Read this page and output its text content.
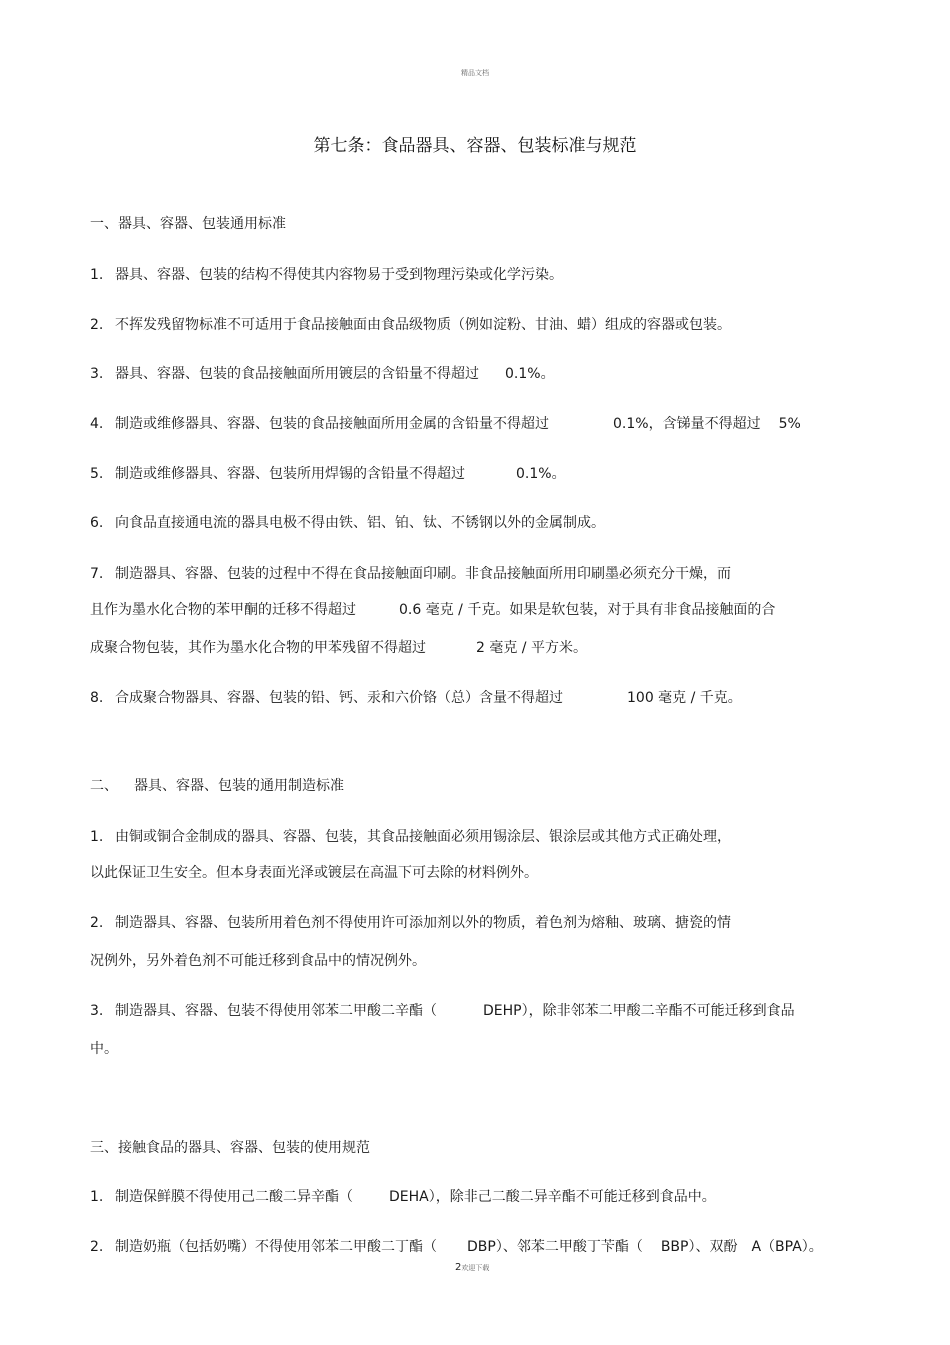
精品文档
第七条：食品器具、容器、包装标准与规范
一、器具、容器、包装通用标准
1. 器具、容器、包装的结构不得使其内容物易于受到物理污染或化学污染。
2. 不挥发残留物标准不可适用于食品接触面由食品级物质（例如淀粉、甘油、蜡）组成的容器或包装。
3. 器具、容器、包装的食品接触面所用镀层的含铅量不得超过 0.1%。
4. 制造或维修器具、容器、包装的食品接触面所用金属的含铅量不得超过	0.1%，含锑量不得超过 5%
5. 制造或维修器具、容器、包装所用焊锡的含铅量不得超过	0.1%。
6. 向食品直接通电流的器具电极不得由铁、铝、铂、钛、不锈钢以外的金属制成。
7. 制造器具、容器、包装的过程中不得在食品接触面印刷。非食品接触面所用印刷墨必须充分干燥，而
且作为墨水化合物的苯甲酮的迁移不得超过	0.6 毫克 / 千克。如果是软包装，对于具有非食品接触面的合
成聚合物包装，其作为墨水化合物的甲苯残留不得超过	2 毫克 / 平方米。
8. 合成聚合物器具、容器、包装的铅、钙、汞和六价铬（总）含量不得超过	100 毫克 / 千克。
二、 器具、容器、包装的通用制造标准
1. 由铜或铜合金制成的器具、容器、包装，其食品接触面必须用锡涂层、银涂层或其他方式正确处理，
以此保证卫生安全。但本身表面光泽或镀层在高温下可去除的材料例外。
2. 制造器具、容器、包装所用着色剂不得使用许可添加剂以外的物质，着色剂为熔釉、玻璃、搪瓷的情
况例外，另外着色剂不可能迁移到食品中的情况例外。
3. 制造器具、容器、包装不得使用邻苯二甲酸二辛酯（	DEHP），除非邻苯二甲酸二辛酯不可能迁移到食品
中。
三、接触食品的器具、容器、包装的使用规范
1. 制造保鲜膜不得使用己二酸二异辛酯（	DEHA），除非己二酸二异辛酯不可能迁移到食品中。
2. 制造奶瓶（包括奶嘴）不得使用邻苯二甲酸二丁酯（ DBP）、邻苯二甲酸丁苄酯（ BBP）、双酚 A（BPA）。
2欢迎下载
